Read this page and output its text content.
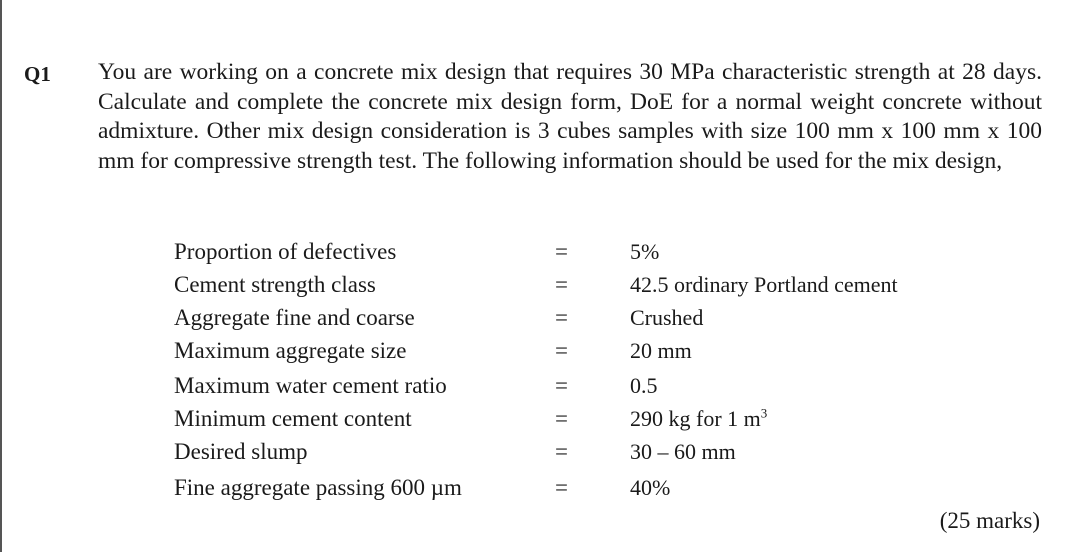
Q1 You are working on a concrete mix design that requires 30 MPa characteristic strength at 28 days. Calculate and complete the concrete mix design form, DoE for a normal weight concrete without admixture. Other mix design consideration is 3 cubes samples with size 100 mm x 100 mm x 100 mm for compressive strength test. The following information should be used for the mix design,

Proportion of defectives	=	5%
Cement strength class	=	42.5 ordinary Portland cement
Aggregate fine and coarse	=	Crushed
Maximum aggregate size	=	20 mm
Maximum water cement ratio	=	0.5
Minimum cement content	=	290 kg for 1 $m^3$
Desired slump	=	30 – 60 mm
Fine aggregate passing 600 µm	=	40%
(25 marks)
